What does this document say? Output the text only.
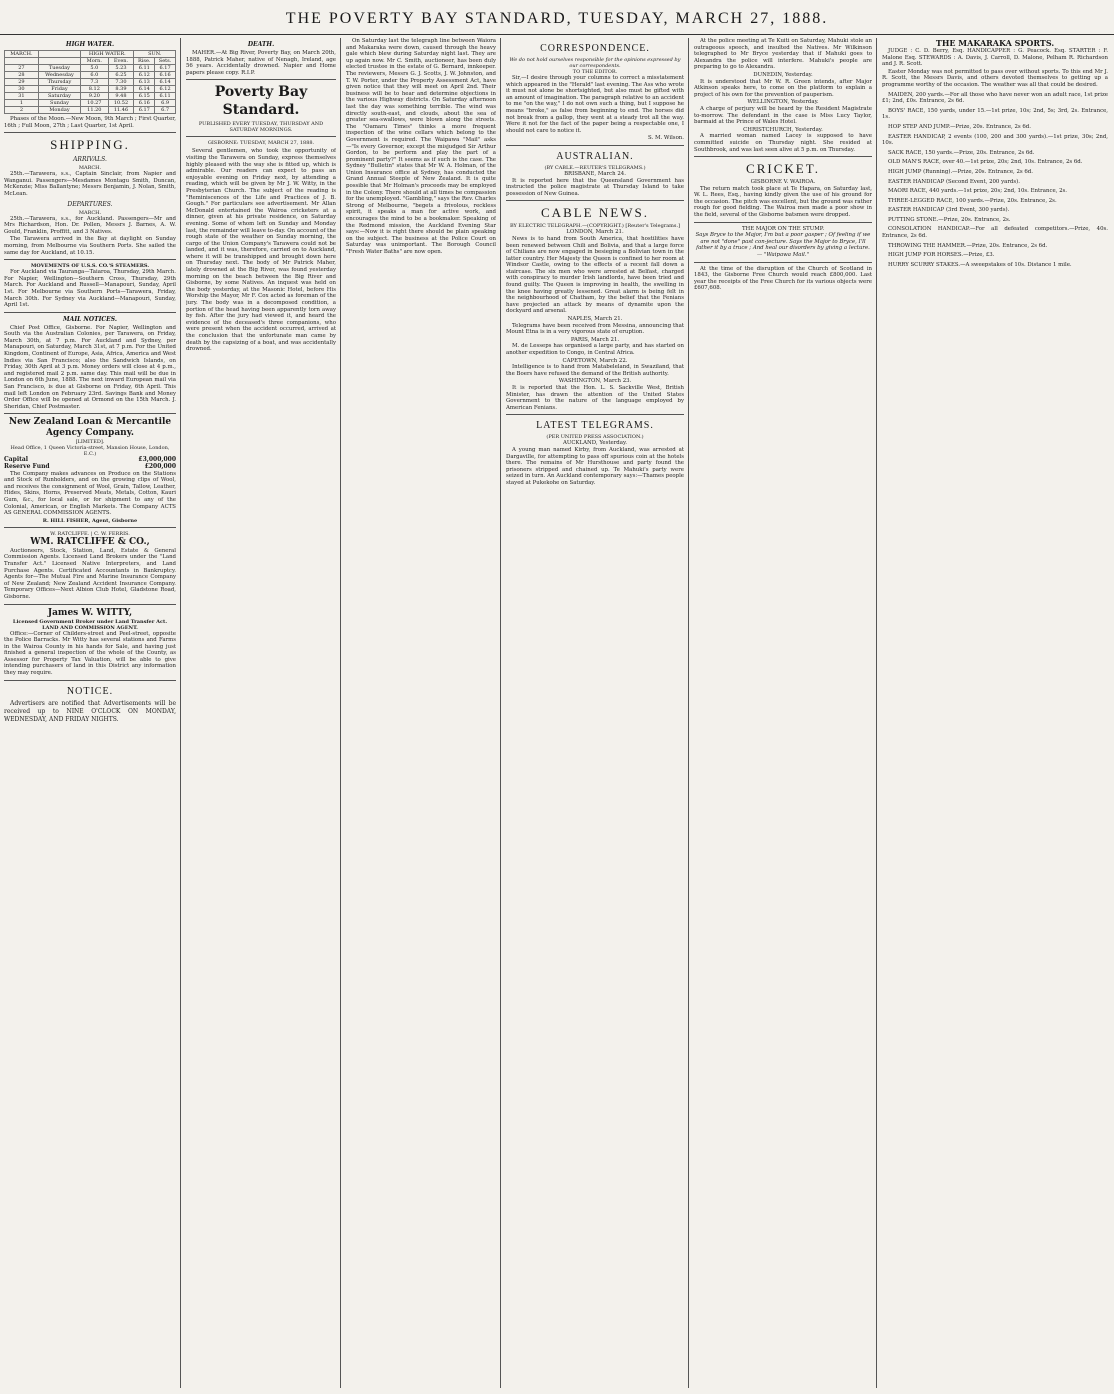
THE POVERTY BAY STANDARD, TUESDAY, MARCH 27, 1888.
HIGH WATER.
MARCH.		HIGH WATER.		SUN.	
		Morn.	Even.	Rise.	Sets.
27	Tuesday	5.0	5.23	6.11	6.17
28	Wednesday	6.0	6.25	6.12	6.16
29	Thursday	7.3	7.30	6.13	6.14
30	Friday	8.12	8.39	6.14	6.12
31	Saturday	9.20	9.48	6.15	6.11
1	Sunday	10.27	10.52	6.16	6.9
2	Monday	11.20	11.46	6.17	6.7
Phases of the Moon.—New Moon, 9th March ; First Quarter, 16th ; Full Moon, 27th ; Last Quarter, 1st April.
SHIPPING.
ARRIVALS.
MARCH.
25th.—Tarawera, s.s., Captain Sinclair, from Napier and Wanganui. Passengers—Mesdames Montagu Smith, Duncan, McKenzie; Miss Ballantyne; Messrs Benjamin, J. Nolan, Smith, McLean.
DEPARTURES.
MARCH.
25th.—Tarawera, s.s., for Auckland. Passengers—Mr and Mrs Richardson, Hon. Dr. Pollen, Messrs J. Barnes, A. W. Gould, Franklin, Proffitt, and 3 Natives.
The Tarawera arrived in the Bay at daylight on Sunday morning, from Melbourne via Southern Ports. She sailed the same day for Auckland, at 10.15.
MOVEMENTS OF U.S.S. CO.'S STEAMERS.
For Auckland via Tauranga—Taiaroa, Thursday, 29th March. For Napier, Wellington—Southern Cross, Thursday, 29th March. For Auckland and Russell—Manapouri, Sunday, April 1st. For Melbourne via Southern Ports—Tarawera, Friday, March 30th. For Sydney via Auckland—Manapouri, Sunday, April 1st.
MAIL NOTICES.
Chief Post Office, Gisborne. For Napier, Wellington and South via the Australian Colonies, per Tarawera, on Friday, March 30th, at 7 p.m. For Auckland and Sydney, per Manapouri, on Saturday, March 31st, at 7 p.m. For the United Kingdom, Continent of Europe, Asia, Africa, America and West Indies via San Francisco; also the Sandwich Islands, on Friday, 30th April at 3 p.m. Money orders will close at 4 p.m., and registered mail 2 p.m. same day. This mail will be due in London on 6th June, 1888. The next inward European mail via San Francisco, is due at Gisborne on Friday, 6th April. This mail left London on February 23rd. Savings Bank and Money Order Office will be opened at Ormond on the 15th March. J. Sheridan, Chief Postmaster.
New Zealand Loan & Mercantile Agency Company.
[LIMITED].
Head Office, 1 Queen Victoria-street, Mansion House, London, E.C.)
Capital	£3,000,000
Reserve Fund	£200,000
The Company makes advances on Produce on the Stations and Stock of Runholders, and on the growing clips of Wool, and receives the consignment of Wool, Grain, Tallow, Leather, Hides, Skins, Horns, Preserved Meats, Metals, Cotton, Kauri Gum, &c., for local sale, or for shipment to any of the Colonial, American, or English Markets. The Company ACTS AS GENERAL COMMISSION AGENTS.
R. HILL FISHER, Agent, Gisborne
W. RATCLIFFE. | C. W. FERRIS.
WM. RATCLIFFE & CO.,
Auctioneers, Stock, Station, Land, Estate & General Commission Agents. Licensed Land Brokers under the "Land Transfer Act." Licensed Native Interpreters, and Land Purchase Agents. Certificated Accountants in Bankruptcy. Agents for—The Mutual Fire and Marine Insurance Company of New Zealand; New Zealand Accident Insurance Company. Temporary Offices—Next Albion Club Hotel, Gladstone Road, Gisborne.
James W. WITTY,
Licensed Government Broker under Land Transfer Act.
LAND AND COMMISSION AGENT.
Office:—Corner of Childers-street and Peel-street, opposite the Police Barracks. Mr Witty has several stations and Farms in the Wairoa County in his hands for Sale, and having just finished a general inspection of the whole of the County, as Assessor for Property Tax Valuation, will be able to give intending purchasers of land in this District any information they may require.
NOTICE.
Advertisers are notified that Advertisements will be received up to NINE O'CLOCK ON MONDAY, WEDNESDAY, AND FRIDAY NIGHTS.
DEATH.
MAHER.—At Big River, Poverty Bay, on March 20th, 1888, Patrick Maher, native of Nenagh, Ireland, age 56 years. Accidentally drowned. Napier and Home papers please copy. R.I.P.
Poverty Bay Standard.
PUBLISHED EVERY TUESDAY, THURSDAY AND SATURDAY MORNINGS.
GISBORNE: TUESDAY, MARCH 27, 1888.
Several gentlemen, who took the opportunity of visiting the Tarawera on Sunday, express themselves highly pleased with the way she is fitted up, which is admirable. Our readers can expect to pass an enjoyable evening on Friday next, by attending a reading, which will be given by Mr J. W. Witty, in the Presbyterian Church. The subject of the reading is "Reminiscences of the Life and Practices of J. B. Gough." For particulars see advertisement. Mr Allan McDonald entertained the Wairoa cricketers at a dinner, given at his private residence, on Saturday evening. Some of whom left on Sunday and Monday last, the remainder will leave to-day. On account of the rough state of the weather on Sunday morning, the cargo of the Union Company's Tarawera could not be landed, and it was, therefore, carried on to Auckland, where it will be transhipped and brought down here on Thursday next. The body of Mr Patrick Maher, lately drowned at the Big River, was found yesterday morning on the beach between the Big River and Gisborne, by some Natives. An inquest was held on the body yesterday, at the Masonic Hotel, before His Worship the Mayor, Mr F. Cox acted as foreman of the jury. The body was in a decomposed condition, a portion of the head having been apparently torn away by fish. After the jury had viewed it, and heard the evidence of the deceased's three companions, who were present when the accident occurred, arrived at the conclusion that the unfortunate man came by death by the capsizing of a boat, and was accidentally drowned.
On Saturday last the telegraph line between Waiora and Makaraka were down, caused through the heavy gale which blew during Saturday night last. They are up again now. Mr C. Smith, auctioneer, has been duly elected trustee in the estate of G. Bernard, innkeeper. The reviewers, Messrs G. J. Scotts, J. W. Johnston, and T. W. Porter, under the Property Assessment Act, have given notice that they will meet on April 2nd. Their business will be to hear and determine objections in the various Highway districts. On Saturday afternoon last the day was something terrible. The wind was directly south-east, and clouds, about the sea of greater sea-swallows, were blown along the streets. The "Oamaru Times" thinks a more frequent inspection of the wine cellars which belong to the Government is required. The Waipawa "Mail" asks—"Is every Governor, except the misjudged Sir Arthur Gordon, to be perform and play the part of a prominent party?" It seems as if such is the case. The Sydney "Bulletin" states that Mr W. A. Holman, of the Union Insurance office at Sydney, has conducted the Grand Annual Steeple of New Zealand. It is quite possible that Mr Holman's proceeds may be employed in the Colony. There should at all times be compassion for the unemployed. "Gambling," says the Rev. Charles Strong of Melbourne, "begets a frivolous, reckless spirit, it speaks a man for active work, and encourages the mind to be a bookmaker. Speaking of the Redmond mission, the Auckland Evening Star says:—Now it is right there should be plain speaking on the subject. The business at the Police Court on Saturday was unimportant. The Borough Council "Fresh Water Baths" are now open.
CORRESPONDENCE.
We do not hold ourselves responsible for the opinions expressed by our correspondents.
TO THE EDITOR.
Sir,—I desire through your columns to correct a misstatement which appeared in the "Herald" last evening. The Ass who wrote it must not alone be shortsighted, but also must be gifted with an amount of imagination. The paragraph relative to an accident to me "on the way," I do not own such a thing, but I suppose he means "broke," as false from beginning to end. The horses did not break from a gallop, they went at a steady trot all the way. Were it not for the fact of the paper being a respectable one, I should not care to notice it.
S. M. Wilson.
AUSTRALIAN.
(BY CABLE.—REUTER'S TELEGRAMS.)
BRISBANE, March 24.
It is reported here that the Queensland Government has instructed the police magistrate at Thursday Island to take possession of New Guinea.
CABLE NEWS.
BY ELECTRIC TELEGRAPH.—(COPYRIGHT.) [Reuter's Telegrams.]
LONDON, March 21.
News is to hand from South America, that hostilities have been renewed between Chili and Bolivia, and that a large force of Chilians are now engaged in besieging a Bolivian town in the latter country. Her Majesty the Queen is confined to her room at Windsor Castle, owing to the effects of a recent fall down a staircase. The six men who were arrested at Belfast, charged with conspiracy to murder Irish landlords, have been tried and found guilty. The Queen is improving in health, the swelling in the knee having greatly lessened. Great alarm is being felt in the neighbourhood of Chatham, by the belief that the Fenians have projected an attack by means of dynamite upon the dockyard and arsenal.
NAPLES, March 21.
Telegrams have been received from Messina, announcing that Mount Etna is in a very vigorous state of eruption.
PARIS, March 21.
M. de Lesseps has organised a large party, and has started on another expedition to Congo, in Central Africa.
CAPETOWN, March 22.
Intelligence is to hand from Matabeleland, in Swaziland, that the Boers have refused the demand of the British authority.
WASHINGTON, March 23.
It is reported that the Hon. L. S. Sackville West, British Minister, has drawn the attention of the United States Government to the nature of the language employed by American Fenians.
LATEST TELEGRAMS.
(PER UNITED PRESS ASSOCIATION.)
AUCKLAND, Yesterday.
A young man named Kirby, from Auckland, was arrested at Dargaville, for attempting to pass off spurious coin at the hotels there. The remains of Mr Hursthouse and party found the prisoners stripped and chained up. Te Mahuki's party were seized in turn. An Auckland contemporary says:—Thames people stayed at Pukekohe on Saturday.
At the police meeting at Te Kuiti on Saturday, Mahuki stole an outrageous speech, and insulted the Natives. Mr Wilkinson telegraphed to Mr Bryce yesterday that if Mahuki goes to Alexandra the police will interfere. Mahuki's people are preparing to go to Alexandra.
DUNEDIN, Yesterday.
It is understood that Mr W. R. Green intends, after Major Atkinson speaks here, to come on the platform to explain a project of his own for the prevention of pauperism.
WELLINGTON, Yesterday.
A charge of perjury will be heard by the Resident Magistrate to-morrow. The defendant in the case is Miss Lucy Taylor, barmaid at the Prince of Wales Hotel.
CHRISTCHURCH, Yesterday.
A married woman named Lacey is supposed to have committed suicide on Thursday night. She resided at Southbrook, and was last seen alive at 5 p.m. on Thursday.
CRICKET.
GISBORNE V. WAIROA.
The return match took place at Te Hapara, on Saturday last, W. L. Rees, Esq., having kindly given the use of his ground for the occasion. The pitch was excellent, but the ground was rather rough for good fielding. The Wairoa men made a poor show in the field, several of the Gisborne batsmen were dropped.
THE MAJOR ON THE STUMP.
Says Bryce to the Major, I'm but a poor gasper ; Of feeling if we are not "done" past con-jecture. Says the Major to Bryce, I'll father it by a truce ; And heal our disorders by giving a lecture. — "Waipawa Mail."
At the time of the disruption of the Church of Scotland in 1843, the Gisborne Free Church would reach £800,000. Last year the receipts of the Free Church for its various objects were £607,608.
THE MAKARAKA SPORTS.
JUDGE : C. D. Berry, Esq. HANDICAPPER : G. Peacock. Esq. STARTER : F. Malone Esq. STEWARDS : A. Davis, J. Carroll, D. Malone, Pelham R. Richardson and J. R. Scott.
Easter Monday was not permitted to pass over without sports. To this end Mr J. R. Scott, the Messrs Davis, and others devoted themselves to getting up a programme worthy of the occasion. The weather was all that could be desired.
MAIDEN, 200 yards.—For all those who have never won an adult race, 1st prize £1; 2nd, £0s. Entrance, 2s 6d.
BOYS' RACE, 150 yards, under 15.—1st prize, 10s; 2nd, 5s; 3rd, 2s. Entrance, 1s.
HOP STEP AND JUMP.—Prize, 20s. Entrance, 2s 6d.
EASTER HANDICAP, 2 events (100, 200 and 300 yards).—1st prize, 30s; 2nd, 10s.
SACK RACE, 150 yards.—Prize, 20s. Entrance, 2s 6d.
OLD MAN'S RACE, over 40.—1st prize, 20s; 2nd, 10s. Entrance, 2s 6d.
HIGH JUMP (Running).—Prize, 20s. Entrance, 2s 6d.
EASTER HANDICAP (Second Event, 200 yards).
MAORI RACE, 440 yards.—1st prize, 20s; 2nd, 10s. Entrance, 2s.
THREE-LEGGED RACE, 100 yards.—Prize, 20s. Entrance, 2s.
EASTER HANDICAP (3rd Event, 300 yards).
PUTTING STONE.—Prize, 20s. Entrance, 2s.
CONSOLATION HANDICAP.—For all defeated competitors.—Prize, 40s. Entrance, 2s 6d.
THROWING THE HAMMER.—Prize, 20s. Entrance, 2s 6d.
HIGH JUMP FOR HORSES.—Prize, £3.
HURRY SCURRY STAKES.—A sweepstakes of 10s. Distance 1 mile.
